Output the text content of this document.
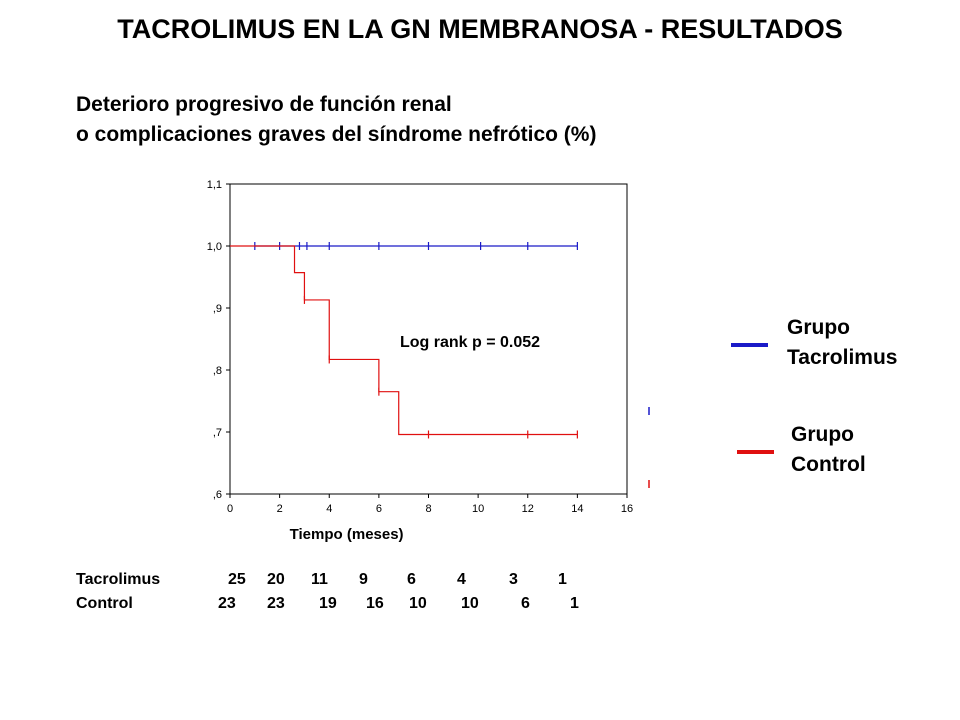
TACROLIMUS EN LA GN MEMBRANOSA - RESULTADOS
Deterioro progresivo de función renal
o complicaciones graves del síndrome nefrótico (%)
,6
,7
,8
,9
1,0
1,1
0	2	4	6	8	10	12	14	16
Tiempo (meses)
Log rank p = 0.052
Grupo
Tacrolimus
Grupo
Control
Tacrolimus	25 20 11 9 6	4	3	1
Control	23 23 19 16 10 10	6	1
